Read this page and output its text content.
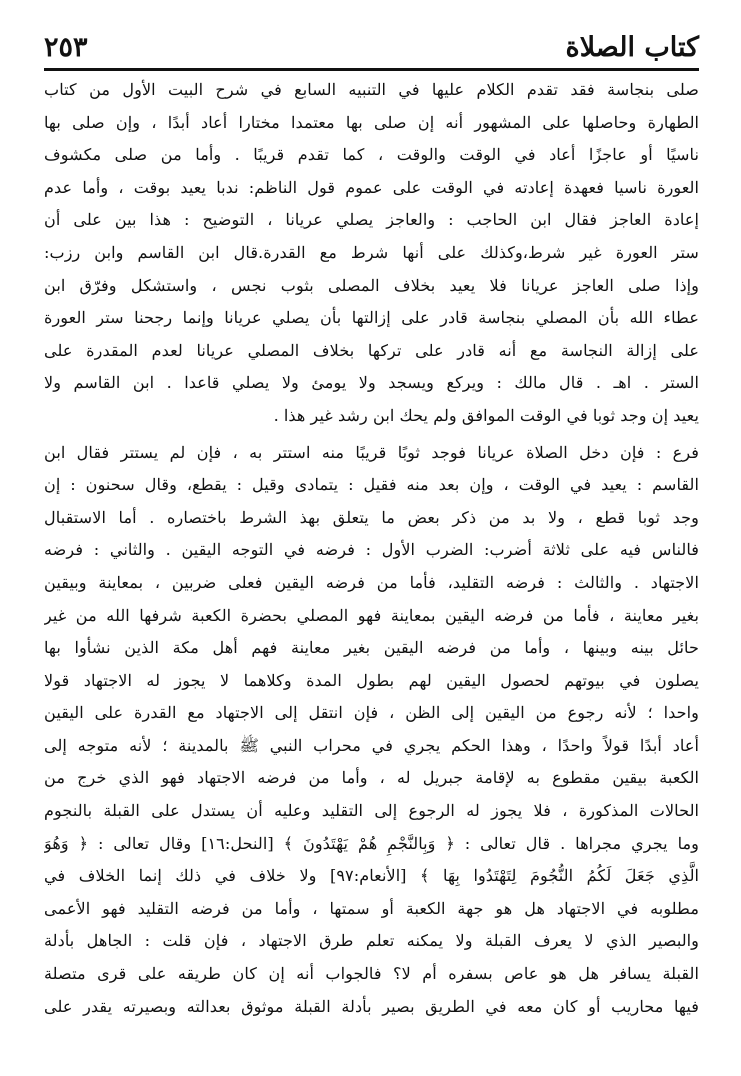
كتاب الصلاة
٢٥٣

صلى بنجاسة فقد تقدم الكلام عليها في التنبيه السابع في شرح البيت الأول من كتاب
الطهارة وحاصلها على المشهور أنه إن صلى بها معتمدا مختارا أعاد أبدًا ، وإن صلى بها
ناسيًا أو عاجزًا أعاد في الوقت والوقت ، كما تقدم قريبًا . وأما من صلى مكشوف
العورة ناسيا فعهدة إعادته في الوقت على عموم قول الناظم: ندبا يعيد بوقت ، وأما عدم
إعادة العاجز فقال ابن الحاجب : والعاجز يصلي عريانا ، التوضيح : هذا بين على أن
ستر العورة غير شرط،وكذلك على أنها شرط مع القدرة.قال ابن القاسم وابن رزب:
وإذا صلى العاجز عريانا فلا يعيد بخلاف المصلى بثوب نجس ، واستشكل وفرّق ابن
عطاء الله بأن المصلي بنجاسة قادر على إزالتها بأن يصلي عريانا وإنما رجحنا ستر العورة
على إزالة النجاسة مع أنه قادر على تركها بخلاف المصلي عريانا لعدم المقدرة على
الستر . اهـ . قال مالك : ويركع ويسجد ولا يومئ ولا يصلي قاعدا . ابن القاسم ولا
يعيد إن وجد ثوبا في الوقت الموافق ولم يحك ابن رشد غير هذا .

فرع : فإن دخل الصلاة عريانا فوجد ثوبًا قريبًا منه استتر به ، فإن لم يستتر فقال ابن
القاسم : يعيد في الوقت ، وإن بعد منه فقيل : يتمادى وقيل : يقطع، وقال سحنون : إن
وجد ثوبا قطع ، ولا بد من ذكر بعض ما يتعلق بهذ الشرط باختصاره . أما الاستقبال
فالناس فيه على ثلاثة أضرب: الضرب الأول : فرضه في التوجه اليقين . والثاني : فرضه
الاجتهاد . والثالث : فرضه التقليد، فأما من فرضه اليقين فعلى ضربين ، بمعاينة وبيقين
بغير معاينة ، فأما من فرضه اليقين بمعاينة فهو المصلي بحضرة الكعبة شرفها الله من غير
حائل بينه وبينها ، وأما من فرضه اليقين بغير معاينة فهم أهل مكة الذين نشأوا بها
يصلون في بيوتهم لحصول اليقين لهم بطول المدة وكلاهما لا يجوز له الاجتهاد قولا
واحدا ؛ لأنه رجوع من اليقين إلى الظن ، فإن انتقل إلى الاجتهاد مع القدرة على اليقين
أعاد أبدًا قولاً واحدًا ، وهذا الحكم يجري في محراب النبي ﷺ بالمدينة ؛ لأنه متوجه إلى
الكعبة بيقين مقطوع به لإقامة جبريل له ، وأما من فرضه الاجتهاد فهو الذي خرج من
الحالات المذكورة ، فلا يجوز له الرجوع إلى التقليد وعليه أن يستدل على القبلة بالنجوم
وما يجري مجراها . قال تعالى : ﴿ وَبِالنَّجْمِ هُمْ يَهْتَدُونَ ﴾ [النحل:١٦] وقال تعالى : ﴿ وَهُوَ
الَّذِي جَعَلَ لَكُمُ النُّجُومَ لِتَهْتَدُوا بِهَا ﴾ [الأنعام:٩٧] ولا خلاف في ذلك إنما الخلاف في
مطلوبه في الاجتهاد هل هو جهة الكعبة أو سمتها ، وأما من فرضه التقليد فهو الأعمى
والبصير الذي لا يعرف القبلة ولا يمكنه تعلم طرق الاجتهاد ، فإن قلت : الجاهل بأدلة
القبلة يسافر هل هو عاص بسفره أم لا؟ فالجواب أنه إن كان طريقه على قرى متصلة
فيها محاريب أو كان معه في الطريق بصير بأدلة القبلة موثوق بعدالته وبصيرته يقدر على
